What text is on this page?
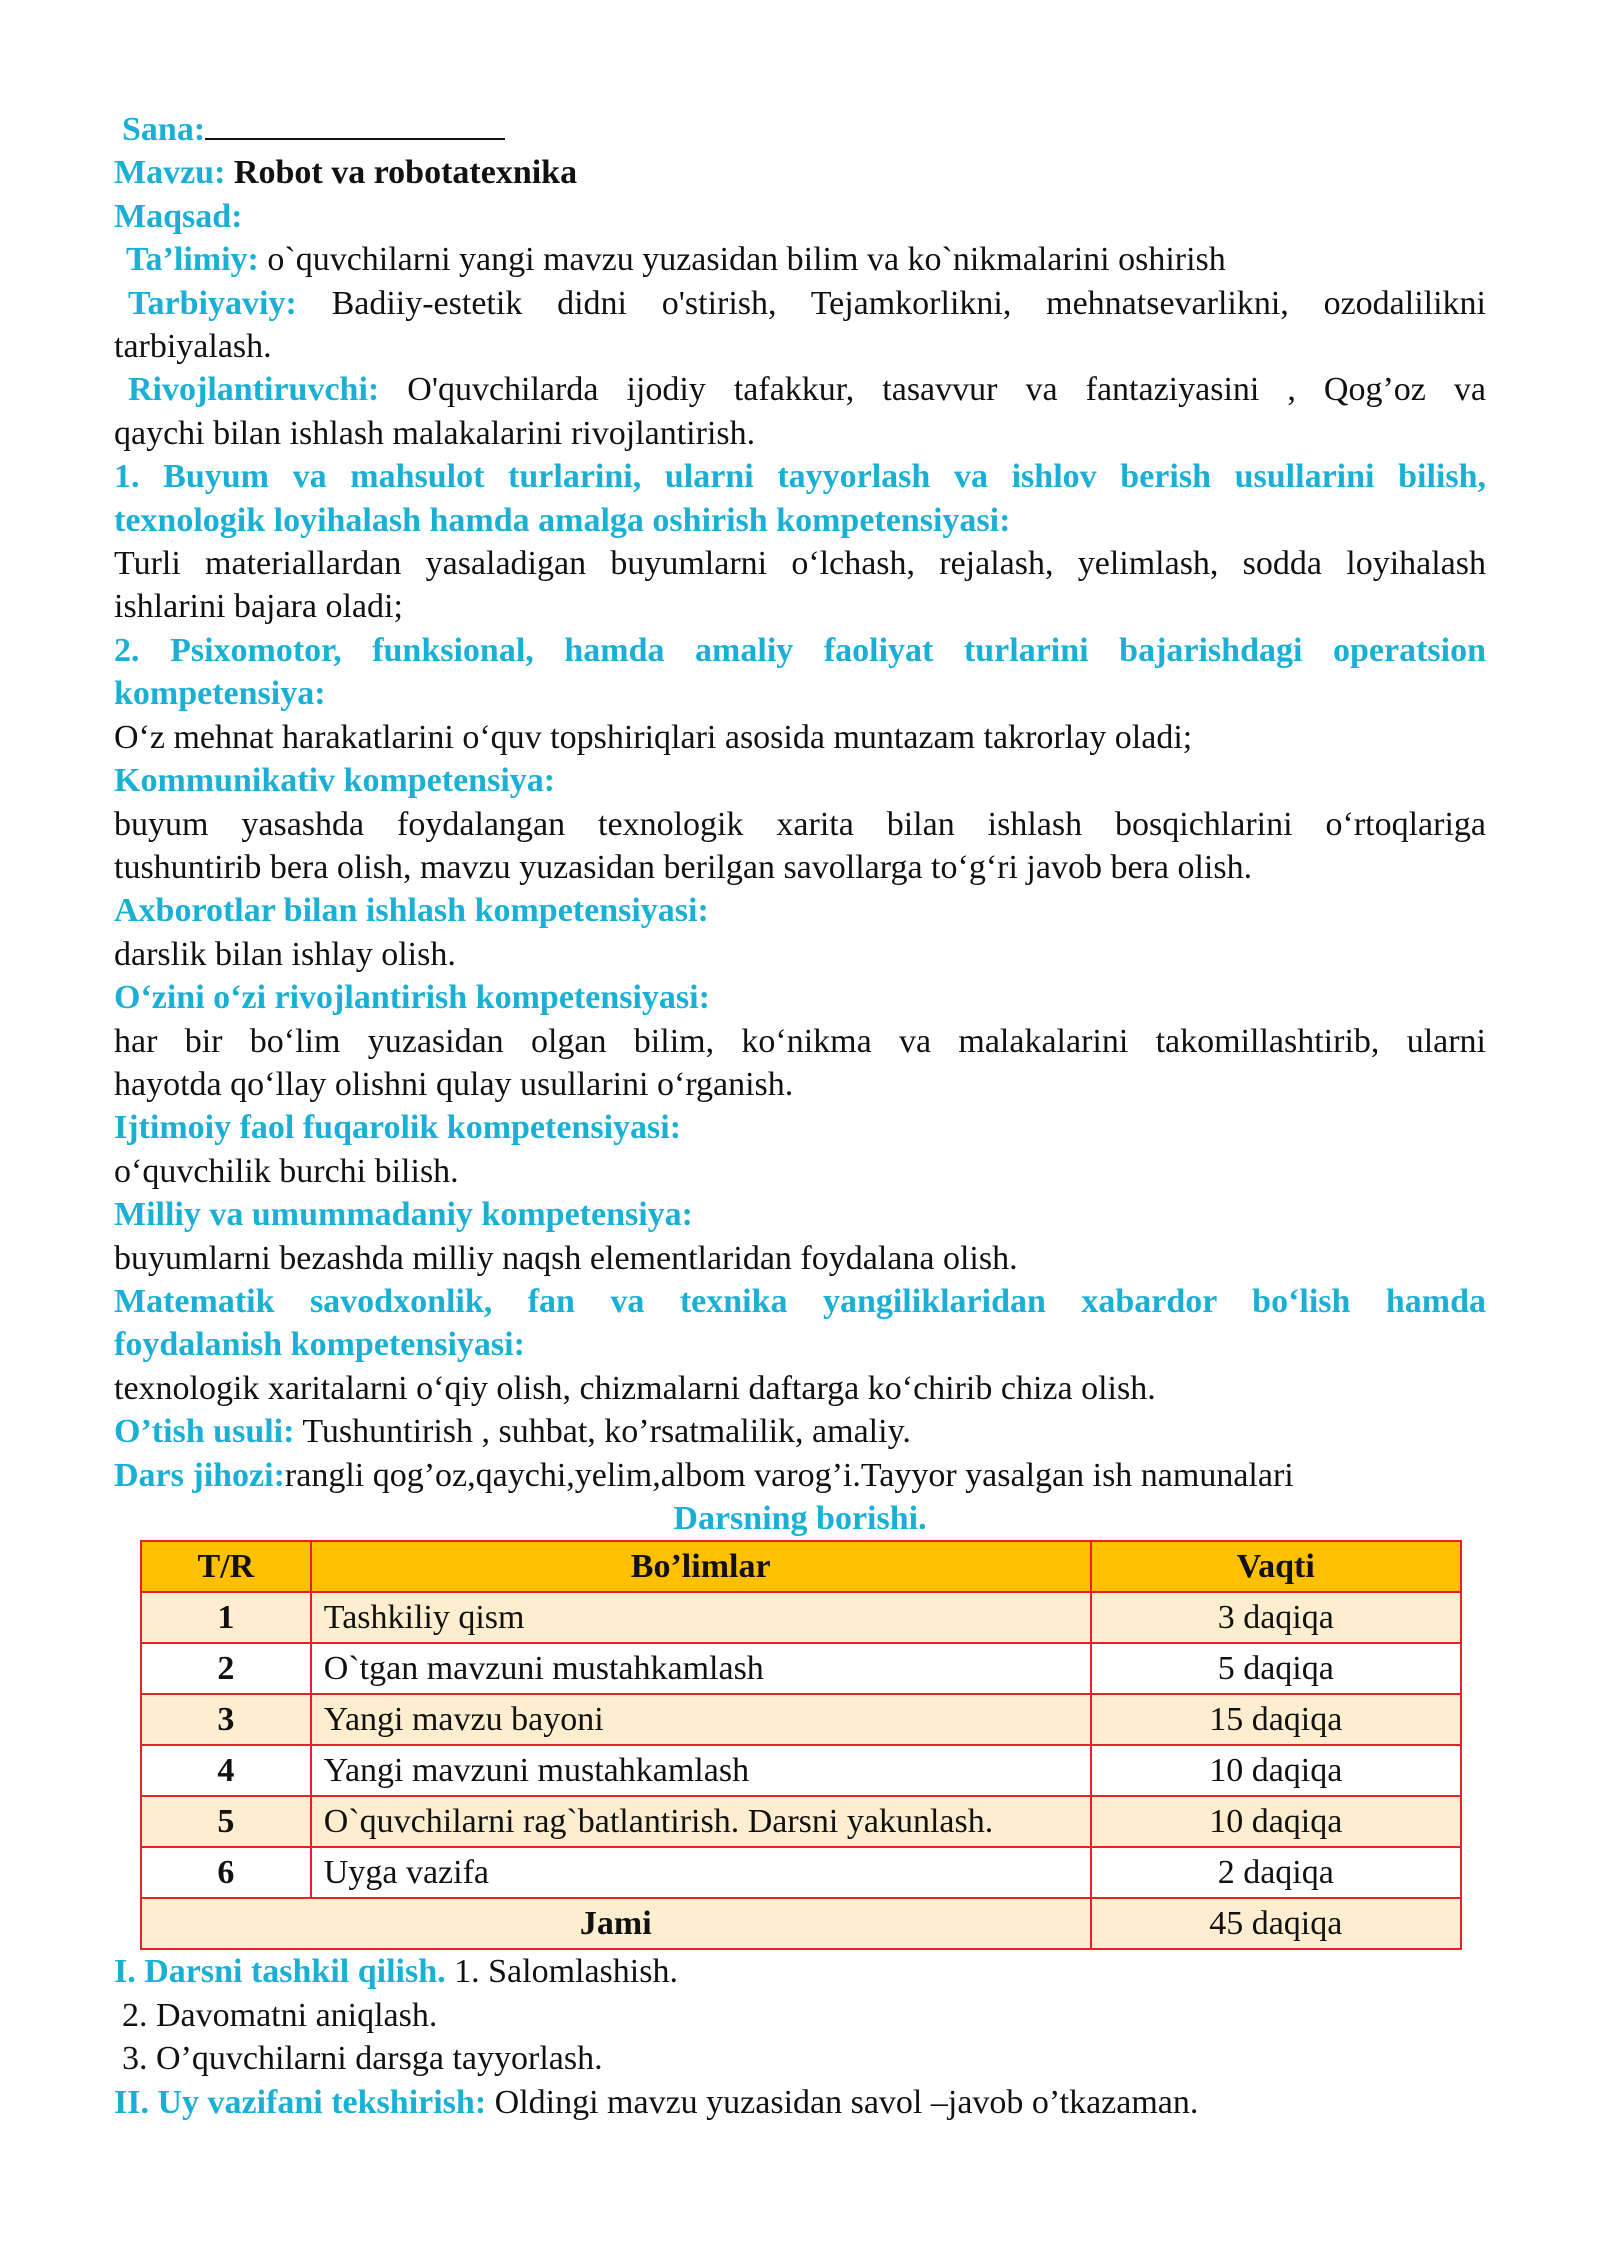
Sana:

Mavzu: Robot va robotatexnika

Maqsad:

Ta’limiy: o`quvchilarni yangi mavzu yuzasidan bilim va ko`nikmalarini oshirish

Tarbiyaviy: Badiiy-estetik didni o'stirish, Tejamkorlikni, mehnatsevarlikni, ozodalilikni

tarbiyalash.

Rivojlantiruvchi: O'quvchilarda ijodiy tafakkur, tasavvur va fantaziyasini , Qog’oz va

qaychi bilan ishlash malakalarini rivojlantirish.

1. Buyum va mahsulot turlarini, ularni tayyorlash va ishlov berish usullarini bilish,

texnologik loyihalash hamda amalga oshirish kompetensiyasi:

Turli materiallardan yasaladigan buyumlarni o‘lchash, rejalash, yelimlash, sodda loyihalash

ishlarini bajara oladi;

2. Psixomotor, funksional, hamda amaliy faoliyat turlarini bajarishdagi operatsion

kompetensiya:

O‘z mehnat harakatlarini o‘quv topshiriqlari asosida muntazam takrorlay oladi;

Kommunikativ kompetensiya:

buyum yasashda foydalangan texnologik xarita bilan ishlash bosqichlarini o‘rtoqlariga

tushuntirib bera olish, mavzu yuzasidan berilgan savollarga to‘g‘ri javob bera olish.

Axborotlar bilan ishlash kompetensiyasi:

darslik bilan ishlay olish.

O‘zini o‘zi rivojlantirish kompetensiyasi:

har bir bo‘lim yuzasidan olgan bilim, ko‘nikma va malakalarini takomillashtirib, ularni

hayotda qo‘llay olishni qulay usullarini o‘rganish.

Ijtimoiy faol fuqarolik kompetensiyasi:

o‘quvchilik burchi bilish.

Milliy va umummadaniy kompetensiya:

buyumlarni bezashda milliy naqsh elementlaridan foydalana olish.

Matematik savodxonlik, fan va texnika yangiliklaridan xabardor bo‘lish hamda

foydalanish kompetensiyasi:

texnologik xaritalarni o‘qiy olish, chizmalarni daftarga ko‘chirib chiza olish.

O’tish usuli: Tushuntirish , suhbat, ko’rsatmalilik, amaliy.

Dars jihozi:rangli qog’oz,qaychi,yelim,albom varog’i.Tayyor yasalgan ish namunalari

Darsning borishi.

T/R	Bo’limlar	Vaqti
1	Tashkiliy qism	3 daqiqa
2	O`tgan mavzuni mustahkamlash	5 daqiqa
3	Yangi mavzu bayoni	15 daqiqa
4	Yangi mavzuni mustahkamlash	10 daqiqa
5	O`quvchilarni rag`batlantirish. Darsni yakunlash.	10 daqiqa
6	Uyga vazifa	2 daqiqa
Jami		45 daqiqa

I. Darsni tashkil qilish. 1. Salomlashish.

2. Davomatni aniqlash.

3. O’quvchilarni darsga tayyorlash.

II. Uy vazifani tekshirish: Oldingi mavzu yuzasidan savol –javob o’tkazaman.
